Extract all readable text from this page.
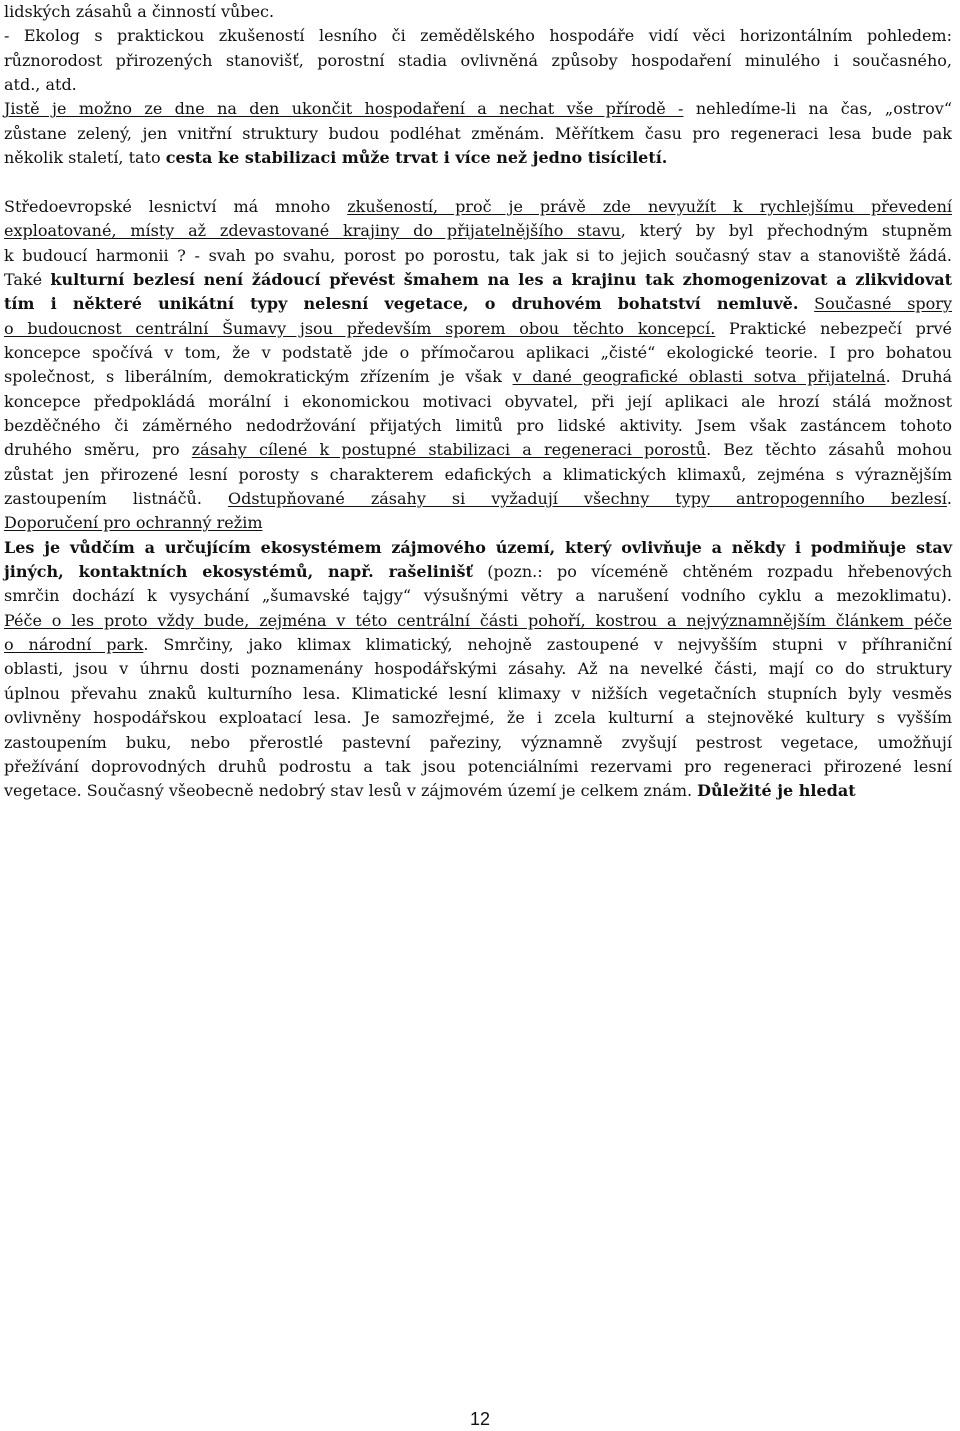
lidských zásahů a činností vůbec.
- Ekolog s praktickou zkušeností lesního či zemědělského hospodáře vidí věci horizontálním pohledem:
různorodost přirozených stanovišť, porostní stadia ovlivněná způsoby hospodaření minulého i současného,
atd., atd.
Jistě je možno ze dne na den ukončit hospodaření a nechat vše přírodě - nehledíme-li na čas, „ostrov“
zůstane zelený, jen vnitřní struktury budou podléhat změnám. Měřítkem času pro regeneraci lesa bude pak
několik staletí, tato cesta ke stabilizaci může trvat i více než jedno tisíciletí.
Středoevropské lesnictví má mnoho zkušeností, proč je právě zde nevyužít k rychlejšímu převedení
exploatované, místy až zdevastované krajiny do přijatelnějšího stavu, který by byl přechodným stupněm
k budoucí harmonii ? - svah po svahu, porost po porostu, tak jak si to jejich současný stav a stanoviště žádá.
Také kulturní bezlesí není žádoucí převést šmahem na les a krajinu tak zhomogenizovat a zlikvidovat
tím i některé unikátní typy nelesní vegetace, o druhovém bohatství nemluvě. Současné spory
o budoucnost centrální Šumavy jsou především sporem obou těchto koncepcí. Praktické nebezpečí prvé
koncepce spočívá v tom, že v podstatě jde o přímočarou aplikaci „čisté“ ekologické teorie. I pro bohatou
společnost, s liberálním, demokratickým zřízením je však v dané geografické oblasti sotva přijatelná. Druhá
koncepce předpokládá morální i ekonomickou motivaci obyvatel, při její aplikaci ale hrozí stálá možnost
bezděčného či záměrného nedodržování přijatých limitů pro lidské aktivity. Jsem však zastáncem tohoto
druhého směru, pro zásahy cílené k postupné stabilizaci a regeneraci porostů. Bez těchto zásahů mohou
zůstat jen přirozené lesní porosty s charakterem edafických a klimatických klimaxů, zejména s výraznějším
zastoupením listnáčů. Odstupňované zásahy si vyžadují všechny typy antropogenního bezlesí.
Doporučení pro ochranný režim
Les je vůdčím a určujícím ekosystémem zájmového území, který ovlivňuje a někdy i podmiňuje stav
jiných, kontaktních ekosystémů, např. rašelinišť (pozn.: po víceméně chtěném rozpadu hřebenových
smrčin dochází k vysychání „šumavské tajgy“ výsušnými větry a narušení vodního cyklu a mezoklimatu).
Péče o les proto vždy bude, zejména v této centrální části pohoří, kostrou a nejvýznamnějším článkem péče
o národní park. Smrčiny, jako klimax klimatický, nehojně zastoupené v nejvyšším stupni v příhraniční
oblasti, jsou v úhrnu dosti poznamenány hospodářskými zásahy. Až na nevelké části, mají co do struktury
úplnou převahu znaků kulturního lesa. Klimatické lesní klimaxy v nižších vegetačních stupních byly vesměs
ovlivněny hospodářskou exploatací lesa. Je samozřejmé, že i zcela kulturní a stejnověké kultury s vyšším
zastoupením buku, nebo přerostlé pastevní pařeziny, významně zvyšují pestrost vegetace, umožňují
přežívání doprovodných druhů podrostu a tak jsou potenciálními rezervami pro regeneraci přirozené lesní
vegetace. Současný všeobecně nedobrý stav lesů v zájmovém území je celkem znám. Důležité je hledat
12
